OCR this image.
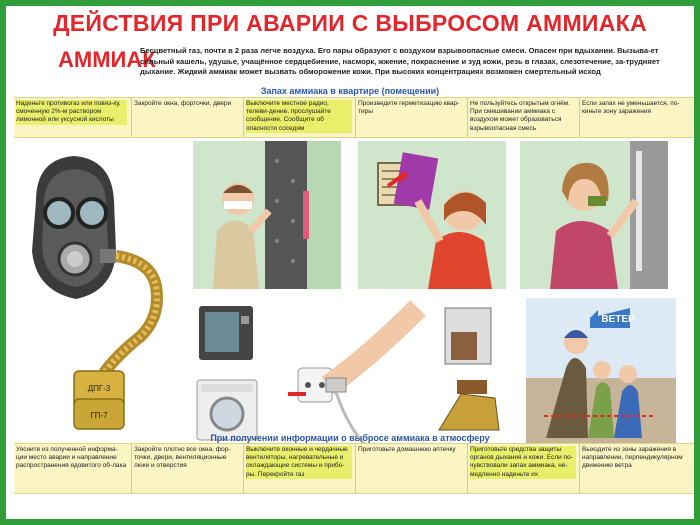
ДЕЙСТВИЯ ПРИ АВАРИИ С ВЫБРОСОМ АММИАКА
АММИАК
Бесцветный газ, почти в 2 раза легче воздуха. Его пары образуют с воздухом взрывоопасные смеси. Опасен при вдыхании. Вызыва-ет сильный кашель, удушье, учащённое сердцебиение, насморк, жжение, покраснение и зуд кожи, резь в глазах, слезотечение, за-трудняет дыхание. Жидкий аммиак может вызвать обморожение кожи. При высоких концентрациях возможен смертельный исход
Запах аммиака в квартире (помещении)
Наденьте противогаз или повяз-ку, смоченную 2%-м раствором лимонной или уксусной кислоты
Закройте окна, форточки, двери	Выключите местное радио, телеви-дение, прослушайте сообщение. Сообщите об опасности соседям
Произведите герметизацию квар-тиры
Не пользуйтесь открытым огнём. При смешивании аммиака с воздухом может образоваться взрывоопасная смесь
Если запах не уменьшается, по-киньте зону заражения
ДПГ-3
ГП-7
ВЕТЕР
При получении информации о выбросе аммиака в атмосферу
Уясните из полученной информа-ции место аварии и направление распространения ядовитого об-лака
Закройте плотно все окна, фор-точки, двери, вентиляционные люки и отверстия
Выключите оконные и чердачные вентиляторы, нагревательные и охлаждающие системы и прибо-ры. Перекройте газ
Приготовьте домашнюю аптечку	Приготовьте средства защиты органов дыхания и кожи. Если по-чувствовали запах аммиака, не-медленно наденьте их
Выходите из зоны заражения в направлении, перпендикулярном движению ветра
